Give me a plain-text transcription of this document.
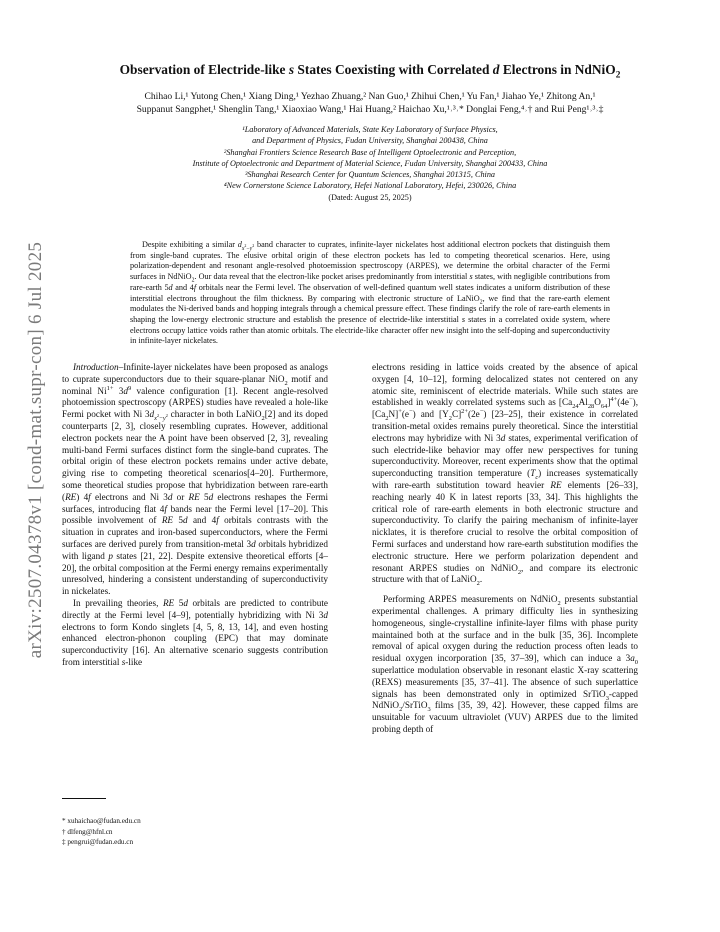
arXiv:2507.04378v1 [cond-mat.supr-con] 6 Jul 2025
Observation of Electride-like s States Coexisting with Correlated d Electrons in NdNiO$_2$
Chihao Li,¹ Yutong Chen,¹ Xiang Ding,¹ Yezhao Zhuang,² Nan Guo,¹ Zhihui Chen,¹ Yu Fan,¹ Jiahao Ye,¹ Zhitong An,¹
Suppanut Sangphet,¹ Shenglin Tang,¹ Xiaoxiao Wang,¹ Hai Huang,² Haichao Xu,¹˒³˒* Donglai Feng,⁴˒† and Rui Peng¹˒³˒‡
¹Laboratory of Advanced Materials, State Key Laboratory of Surface Physics,
and Department of Physics, Fudan University, Shanghai 200438, China
²Shanghai Frontiers Science Research Base of Intelligent Optoelectronic and Perception,
Institute of Optoelectronic and Department of Material Science, Fudan University, Shanghai 200433, China
³Shanghai Research Center for Quantum Sciences, Shanghai 201315, China
⁴New Cornerstone Science Laboratory, Hefei National Laboratory, Hefei, 230026, China
(Dated: August 25, 2025)
Despite exhibiting a similar $d_{x^2-y^2}$ band character to cuprates, infinite-layer nickelates host additional electron pockets that distinguish them from single-band cuprates. The elusive orbital origin of these electron pockets has led to competing theoretical scenarios. Here, using polarization-dependent and resonant angle-resolved photoemission spectroscopy (ARPES), we determine the orbital character of the Fermi surfaces in NdNiO$_2$. Our data reveal that the electron-like pocket arises predominantly from interstitial s states, with negligible contributions from rare-earth 5d and 4f orbitals near the Fermi level. The observation of well-defined quantum well states indicates a uniform distribution of these interstitial electrons throughout the film thickness. By comparing with electronic structure of LaNiO$_2$, we find that the rare-earth element modulates the Ni-derived bands and hopping integrals through a chemical pressure effect. These findings clarify the role of rare-earth elements in shaping the low-energy electronic structure and establish the presence of electride-like interstitial s states in a correlated oxide system, where electrons occupy lattice voids rather than atomic orbitals. The electride-like character offer new insight into the self-doping and superconductivity in infinite-layer nickelates.

Introduction–Infinite-layer nickelates have been proposed as analogs to cuprate superconductors due to their square-planar NiO$_2$ motif and nominal $Ni^{1+}$ $3d^9$ valence configuration [1]. Recent angle-resolved photoemission spectroscopy (ARPES) studies have revealed a hole-like Fermi pocket with Ni $3d_{x^2-y^2}$ character in both LaNiO$_2$[2] and its doped counterparts [2, 3], closely resembling cuprates. However, additional electron pockets near the A point have been observed [2, 3], revealing multi-band Fermi surfaces distinct form the single-band cuprates. The orbital origin of these electron pockets remains under active debate, giving rise to competing theoretical scenarios[4–20]. Furthermore, some theoretical studies propose that hybridization between rare-earth (RE) 4f electrons and Ni 3d or RE 5d electrons reshapes the Fermi surfaces, introducing flat 4f bands near the Fermi level [17–20]. This possible involvement of RE 5d and 4f orbitals contrasts with the situation in cuprates and iron-based superconductors, where the Fermi surfaces are derived purely from transition-metal 3d orbitals hybridized with ligand p states [21, 22]. Despite extensive theoretical efforts [4–20], the orbital composition at the Fermi energy remains experimentally unresolved, hindering a consistent understanding of superconductivity in nickelates.

In prevailing theories, RE 5d orbitals are predicted to contribute directly at the Fermi level [4–9], potentially hybridizing with Ni 3d electrons to form Kondo singlets [4, 5, 8, 13, 14], and even hosting enhanced electron-phonon coupling (EPC) that may dominate superconductivity [16]. An alternative scenario suggests contribution from interstitial s-like

electrons residing in lattice voids created by the absence of apical oxygen [4, 10–12], forming delocalized states not centered on any atomic site, reminiscent of electride materials. While such states are established in weakly correlated systems such as $[Ca_{24}Al_{28}O_{64}]^{4+}(4e^-)$, $[Ca_2N]^+(e^-)$ and $[Y_2C]^{2+}(2e^-)$ [23–25], their existence in correlated transition-metal oxides remains purely theoretical. Since the interstitial electrons may hybridize with Ni 3d states, experimental verification of such electride-like behavior may offer new perspectives for tuning superconductivity. Moreover, recent experiments show that the optimal superconducting transition temperature $(T_c)$ increases systematically with rare-earth substitution toward heavier RE elements [26–33], reaching nearly 40 K in latest reports [33, 34]. This highlights the critical role of rare-earth elements in both electronic structure and superconductivity. To clarify the pairing mechanism of infinite-layer nicklates, it is therefore crucial to resolve the orbital composition of Fermi surfaces and understand how rare-earth substitution modifies the electronic structure. Here we perform polarization dependent and resonant ARPES studies on NdNiO$_2$, and compare its electronic structure with that of LaNiO$_2$.

Performing ARPES measurements on NdNiO$_2$ presents substantial experimental challenges. A primary difficulty lies in synthesizing homogeneous, single-crystalline infinite-layer films with phase purity maintained both at the surface and in the bulk [35, 36]. Incomplete removal of apical oxygen during the reduction process often leads to residual oxygen incorporation [35, 37–39], which can induce a $3a_0$ superlattice modulation observable in resonant elastic X-ray scattering (REXS) measurements [35, 37–41]. The absence of such superlattice signals has been demonstrated only in optimized SrTiO$_3$-capped NdNiO$_2$/SrTiO$_3$ films [35, 39, 42]. However, these capped films are unsuitable for vacuum ultraviolet (VUV) ARPES due to the limited probing depth of

* xuhaichao@fudan.edu.cn
† dlfeng@hfnl.cn
‡ pengrui@fudan.edu.cn
